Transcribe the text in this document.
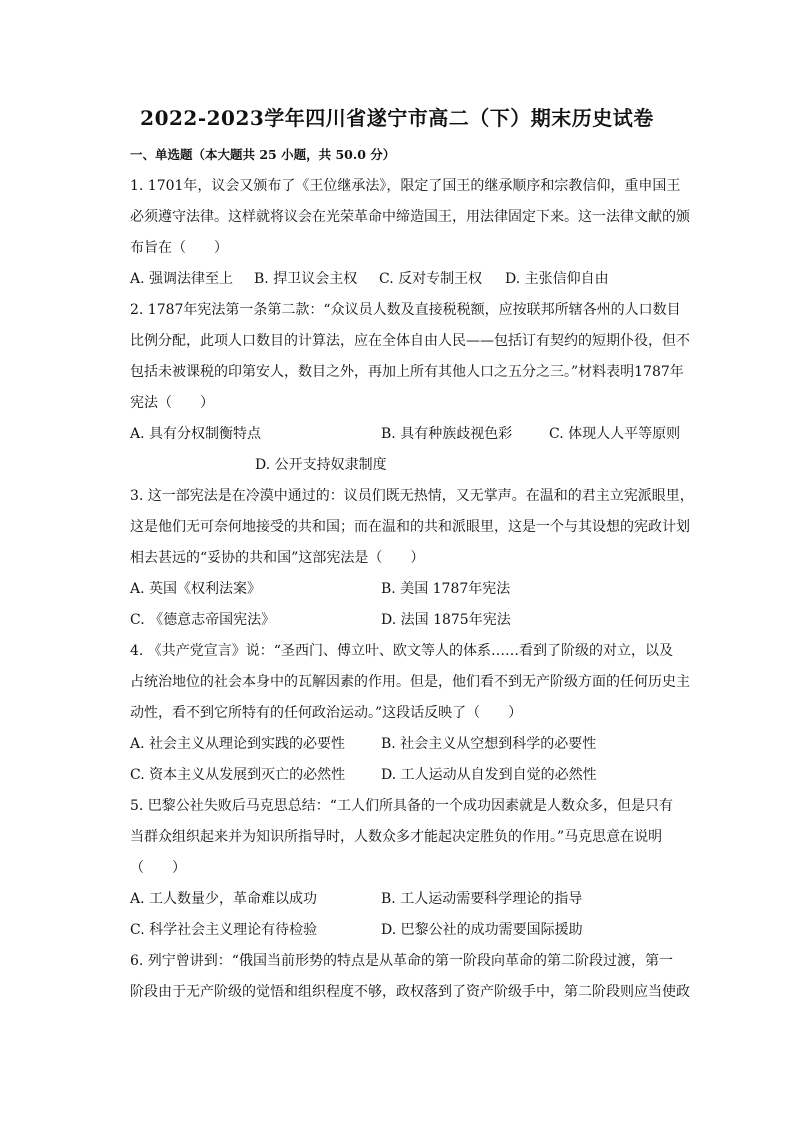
2022-2023学年四川省遂宁市高二（下）期末历史试卷
一、单选题（本大题共 25 小题，共 50.0 分）
1. 1701年，议会又颁布了《王位继承法》，限定了国王的继承顺序和宗教信仰，重申国王
必须遵守法律。这样就将议会在光荣革命中缔造国王，用法律固定下来。这一法律文献的颁
布旨在（　　）
A. 强调法律至上 B. 捍卫议会主权 C. 反对专制王权 D. 主张信仰自由
2. 1787年宪法第一条第二款：“众议员人数及直接税税额，应按联邦所辖各州的人口数目
比例分配，此项人口数目的计算法，应在全体自由人民——包括订有契约的短期仆役，但不
包括未被课税的印第安人，数目之外，再加上所有其他人口之五分之三。”材料表明1787年
宪法（　　）
A. 具有分权制衡特点	B. 具有种族歧视色彩	C. 体现人人平等原则
D. 公开支持奴隶制度
3. 这一部宪法是在冷漠中通过的：议员们既无热情，又无掌声。在温和的君主立宪派眼里，
这是他们无可奈何地接受的共和国；而在温和的共和派眼里，这是一个与其设想的宪政计划
相去甚远的“妥协的共和国”这部宪法是（　　）
A. 英国《权利法案》	B. 美国 1787年宪法
C. 《德意志帝国宪法》	D. 法国 1875年宪法
4. 《共产党宣言》说：“圣西门、傅立叶、欧文等人的体系……看到了阶级的对立，以及
占统治地位的社会本身中的瓦解因素的作用。但是，他们看不到无产阶级方面的任何历史主
动性，看不到它所特有的任何政治运动。”这段话反映了（　　）
A. 社会主义从理论到实践的必要性	B. 社会主义从空想到科学的必要性
C. 资本主义从发展到灭亡的必然性	D. 工人运动从自发到自觉的必然性
5. 巴黎公社失败后马克思总结：“工人们所具备的一个成功因素就是人数众多，但是只有
当群众组织起来并为知识所指导时，人数众多才能起决定胜负的作用。”马克思意在说明
（　　）
A. 工人数量少，革命难以成功	B. 工人运动需要科学理论的指导
C. 科学社会主义理论有待检验	D. 巴黎公社的成功需要国际援助
6. 列宁曾讲到：“俄国当前形势的特点是从革命的第一阶段向革命的第二阶段过渡，第一
阶段由于无产阶级的觉悟和组织程度不够，政权落到了资产阶级手中，第二阶段则应当使政
